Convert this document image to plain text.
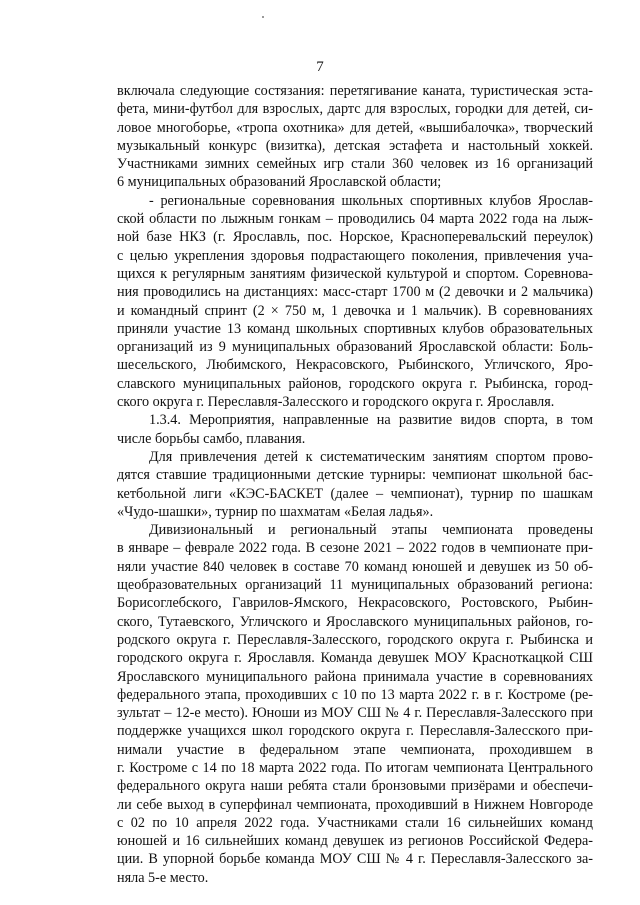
7
включала следующие состязания: перетягивание каната, туристическая эста-
фета, мини-футбол для взрослых, дартс для взрослых, городки для детей, си-
ловое многоборье, «тропа охотника» для детей, «вышибалочка», творческий
музыкальный конкурс (визитка), детская эстафета и настольный хоккей.
Участниками зимних семейных игр стали 360 человек из 16 организаций
6 муниципальных образований Ярославской области;
- региональные соревнования школьных спортивных клубов Ярослав-
ской области по лыжным гонкам – проводились 04 марта 2022 года на лыж-
ной базе НКЗ (г. Ярославль, пос. Норское, Красноперевальский переулок)
с целью укрепления здоровья подрастающего поколения, привлечения уча-
щихся к регулярным занятиям физической культурой и спортом. Соревнова-
ния проводились на дистанциях: масс-старт 1700 м (2 девочки и 2 мальчика)
и командный спринт (2 × 750 м, 1 девочка и 1 мальчик). В соревнованиях
приняли участие 13 команд школьных спортивных клубов образовательных
организаций из 9 муниципальных образований Ярославской области: Боль-
шесельского, Любимского, Некрасовского, Рыбинского, Угличского, Яро-
славского муниципальных районов, городского округа г. Рыбинска, город-
ского округа г. Переславля-Залесского и городского округа г. Ярославля.
1.3.4. Мероприятия, направленные на развитие видов спорта, в том
числе борьбы самбо, плавания.
Для привлечения детей к систематическим занятиям спортом прово-
дятся ставшие традиционными детские турниры: чемпионат школьной бас-
кетбольной лиги «КЭС-БАСКЕТ (далее – чемпионат), турнир по шашкам
«Чудо-шашки», турнир по шахматам «Белая ладья».
Дивизиональный и региональный этапы чемпионата проведены
в январе – феврале 2022 года. В сезоне 2021 – 2022 годов в чемпионате при-
няли участие 840 человек в составе 70 команд юношей и девушек из 50 об-
щеобразовательных организаций 11 муниципальных образований региона:
Борисоглебского, Гаврилов-Ямского, Некрасовского, Ростовского, Рыбин-
ского, Тутаевского, Угличского и Ярославского муниципальных районов, го-
родского округа г. Переславля-Залесского, городского округа г. Рыбинска и
городского округа г. Ярославля. Команда девушек МОУ Красноткацкой СШ
Ярославского муниципального района принимала участие в соревнованиях
федерального этапа, проходивших с 10 по 13 марта 2022 г. в г. Костроме (ре-
зультат – 12-е место). Юноши из МОУ СШ № 4 г. Переславля-Залесского при
поддержке учащихся школ городского округа г. Переславля-Залесского при-
нимали участие в федеральном этапе чемпионата, проходившем в
г. Костроме с 14 по 18 марта 2022 года. По итогам чемпионата Центрального
федерального округа наши ребята стали бронзовыми призёрами и обеспечи-
ли себе выход в суперфинал чемпионата, проходивший в Нижнем Новгороде
с 02 по 10 апреля 2022 года. Участниками стали 16 сильнейших команд
юношей и 16 сильнейших команд девушек из регионов Российской Федера-
ции. В упорной борьбе команда МОУ СШ № 4 г. Переславля-Залесского за-
няла 5-е место.
